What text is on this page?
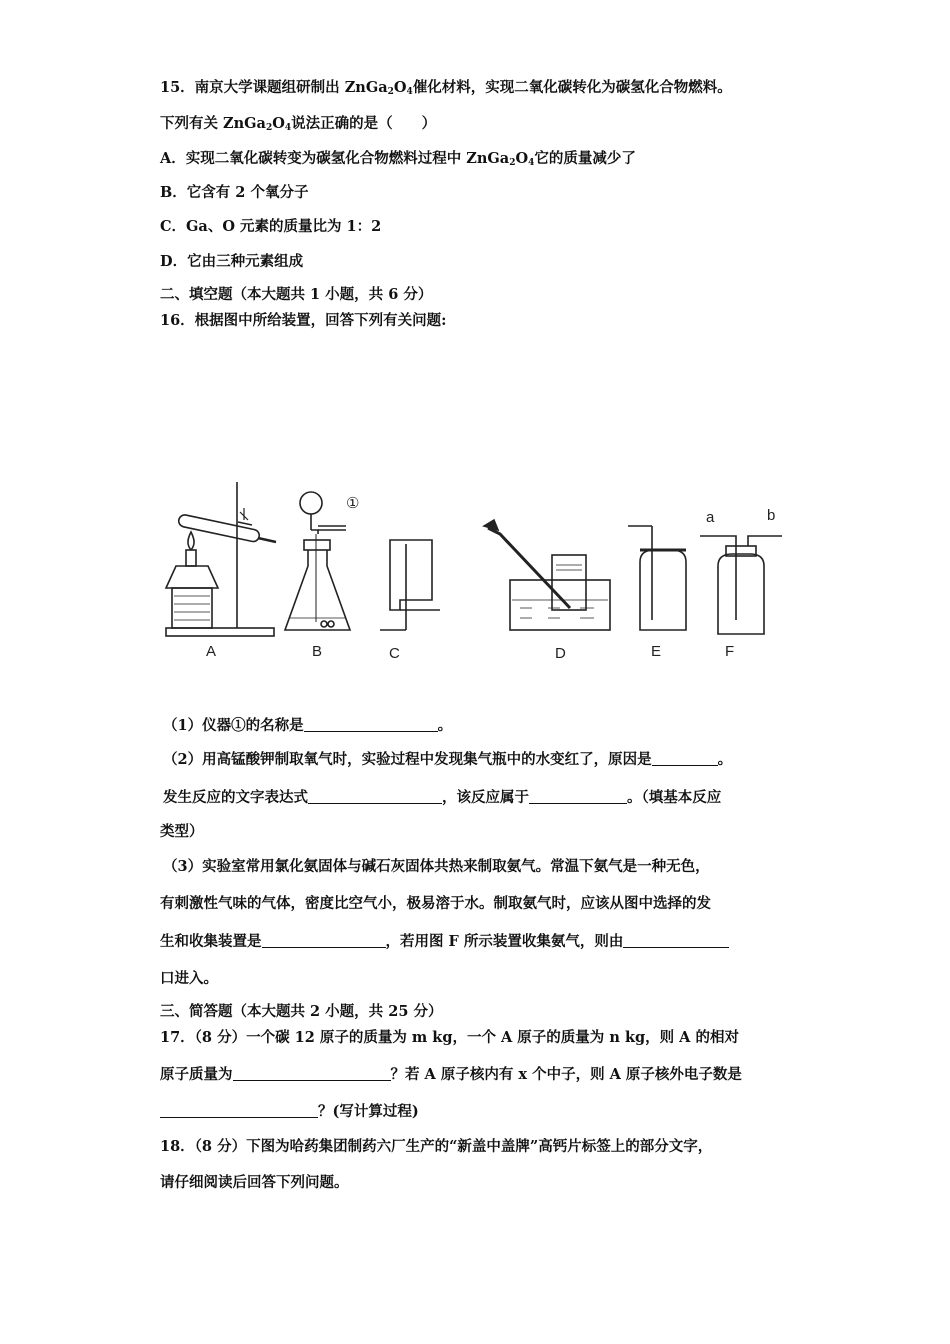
15．南京大学课题组研制出 $ZnGa_2O_4$催化材料，实现二氧化碳转化为碳氢化合物燃料。
下列有关 $ZnGa_2O_4$说法正确的是（　　）
A．实现二氧化碳转变为碳氢化合物燃料过程中 $ZnGa_2O_4$它的质量减少了
B．它含有 2 个氧分子
C．Ga、O 元素的质量比为 1：2
D．它由三种元素组成
二、填空题（本大题共 1 小题，共 6 分）
16．根据图中所给装置，回答下列有关问题:
A	B	C	D	E	F
①
a	b
（1）仪器①的名称是	。
（2）用高锰酸钾制取氧气时，实验过程中发现集气瓶中的水变红了，原因是	。
发生反应的文字表达式	，该反应属于	。（填基本反应
类型）
（3）实验室常用氯化氨固体与碱石灰固体共热来制取氨气。常温下氨气是一种无色，
有刺激性气味的气体，密度比空气小，极易溶于水。制取氨气时，应该从图中选择的发
生和收集装置是	，若用图 F 所示装置收集氨气，则由
口进入。
三、简答题（本大题共 2 小题，共 25 分）
17．（8 分）一个碳 12 原子的质量为 m kg，一个 A 原子的质量为 n kg，则 A 的相对
原子质量为	？若 A 原子核内有 x 个中子，则 A 原子核外电子数是
？(写计算过程)
18．（8 分）下图为哈药集团制药六厂生产的“新盖中盖牌”高钙片标签上的部分文字，
请仔细阅读后回答下列问题。
